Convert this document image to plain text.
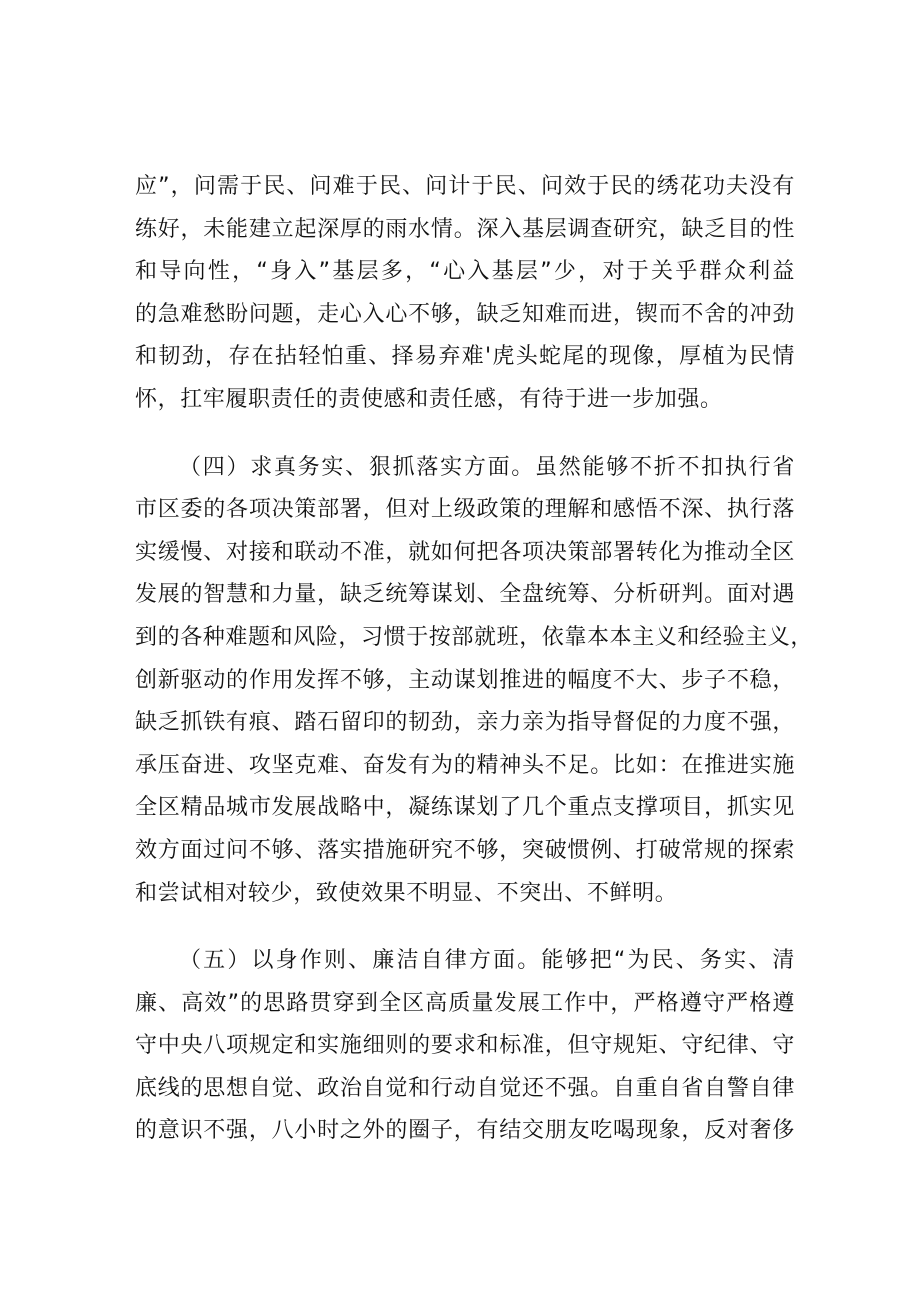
应”，问需于民、问难于民、问计于民、问效于民的绣花功夫没有
练好，未能建立起深厚的雨水情。深入基层调查研究，缺乏目的性
和导向性，“身入”基层多，“心入基层”少，对于关乎群众利益
的急难愁盼问题，走心入心不够，缺乏知难而进，锲而不舍的冲劲
和韧劲，存在拈轻怕重、择易弃难'虎头蛇尾的现像，厚植为民情
怀，扛牢履职责任的责使感和责任感，有待于进一步加强。
（四）求真务实、狠抓落实方面。虽然能够不折不扣执行省
市区委的各项决策部署，但对上级政策的理解和感悟不深、执行落
实缓慢、对接和联动不准，就如何把各项决策部署转化为推动全区
发展的智慧和力量，缺乏统筹谋划、全盘统筹、分析研判。面对遇
到的各种难题和风险，习惯于按部就班，依靠本本主义和经验主义，
创新驱动的作用发挥不够，主动谋划推进的幅度不大、步子不稳，
缺乏抓铁有痕、踏石留印的韧劲，亲力亲为指导督促的力度不强，
承压奋进、攻坚克难、奋发有为的精神头不足。比如：在推进实施
全区精品城市发展战略中，凝练谋划了几个重点支撑项目，抓实见
效方面过问不够、落实措施研究不够，突破惯例、打破常规的探索
和尝试相对较少，致使效果不明显、不突出、不鲜明。
（五）以身作则、廉洁自律方面。能够把“为民、务实、清
廉、高效”的思路贯穿到全区高质量发展工作中，严格遵守严格遵
守中央八项规定和实施细则的要求和标准，但守规矩、守纪律、守
底线的思想自觉、政治自觉和行动自觉还不强。自重自省自警自律
的意识不强，八小时之外的圈子，有结交朋友吃喝现象，反对奢侈
